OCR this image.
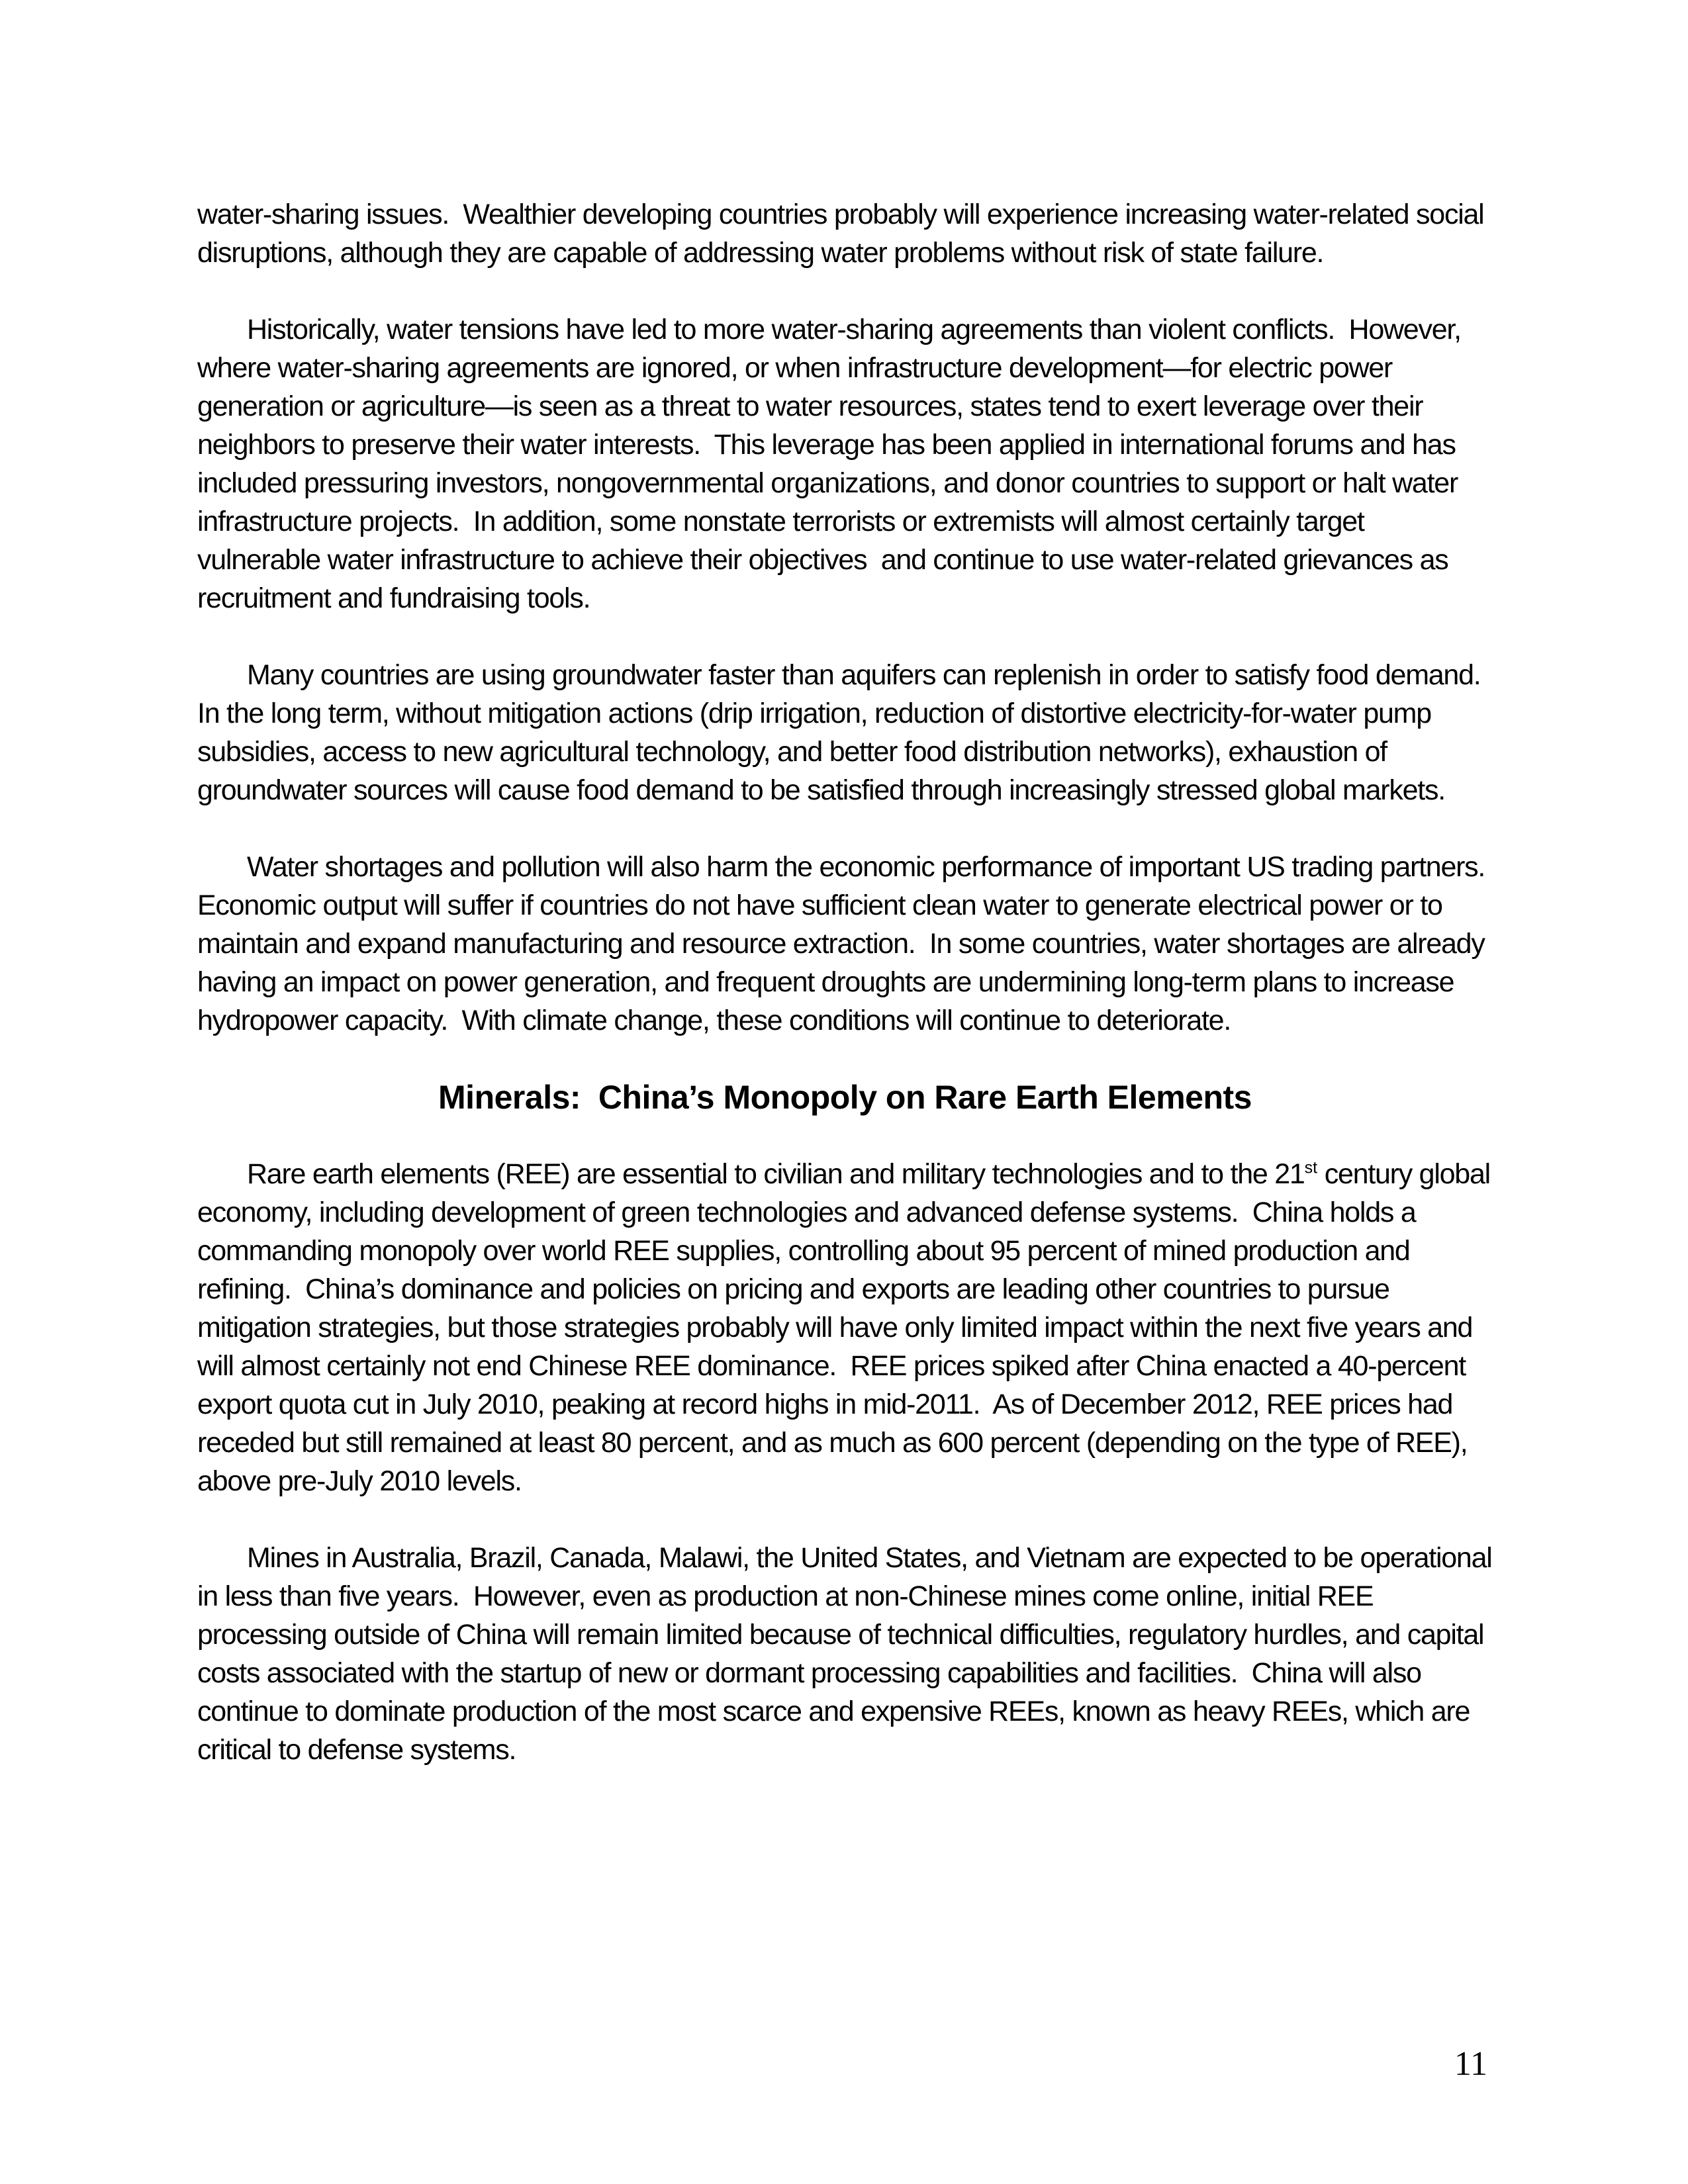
water-sharing issues.  Wealthier developing countries probably will experience increasing water-related social disruptions, although they are capable of addressing water problems without risk of state failure.

Historically, water tensions have led to more water-sharing agreements than violent conflicts.  However, where water-sharing agreements are ignored, or when infrastructure development—for electric power generation or agriculture—is seen as a threat to water resources, states tend to exert leverage over their neighbors to preserve their water interests.  This leverage has been applied in international forums and has included pressuring investors, nongovernmental organizations, and donor countries to support or halt water infrastructure projects.  In addition, some nonstate terrorists or extremists will almost certainly target vulnerable water infrastructure to achieve their objectives  and continue to use water-related grievances as recruitment and fundraising tools.

Many countries are using groundwater faster than aquifers can replenish in order to satisfy food demand.  In the long term, without mitigation actions (drip irrigation, reduction of distortive electricity-for-water pump subsidies, access to new agricultural technology, and better food distribution networks), exhaustion of groundwater sources will cause food demand to be satisfied through increasingly stressed global markets.

Water shortages and pollution will also harm the economic performance of important US trading partners.  Economic output will suffer if countries do not have sufficient clean water to generate electrical power or to maintain and expand manufacturing and resource extraction.  In some countries, water shortages are already having an impact on power generation, and frequent droughts are undermining long-term plans to increase hydropower capacity.  With climate change, these conditions will continue to deteriorate.

Minerals:  China’s Monopoly on Rare Earth Elements

Rare earth elements (REE) are essential to civilian and military technologies and to the 21st century global economy, including development of green technologies and advanced defense systems.  China holds a commanding monopoly over world REE supplies, controlling about 95 percent of mined production and refining.  China’s dominance and policies on pricing and exports are leading other countries to pursue mitigation strategies, but those strategies probably will have only limited impact within the next five years and will almost certainly not end Chinese REE dominance.  REE prices spiked after China enacted a 40-percent export quota cut in July 2010, peaking at record highs in mid-2011.  As of December 2012, REE prices had receded but still remained at least 80 percent, and as much as 600 percent (depending on the type of REE), above pre-July 2010 levels.

Mines in Australia, Brazil, Canada, Malawi, the United States, and Vietnam are expected to be operational in less than five years.  However, even as production at non-Chinese mines come online, initial REE processing outside of China will remain limited because of technical difficulties, regulatory hurdles, and capital costs associated with the startup of new or dormant processing capabilities and facilities.  China will also continue to dominate production of the most scarce and expensive REEs, known as heavy REEs, which are critical to defense systems.

11
